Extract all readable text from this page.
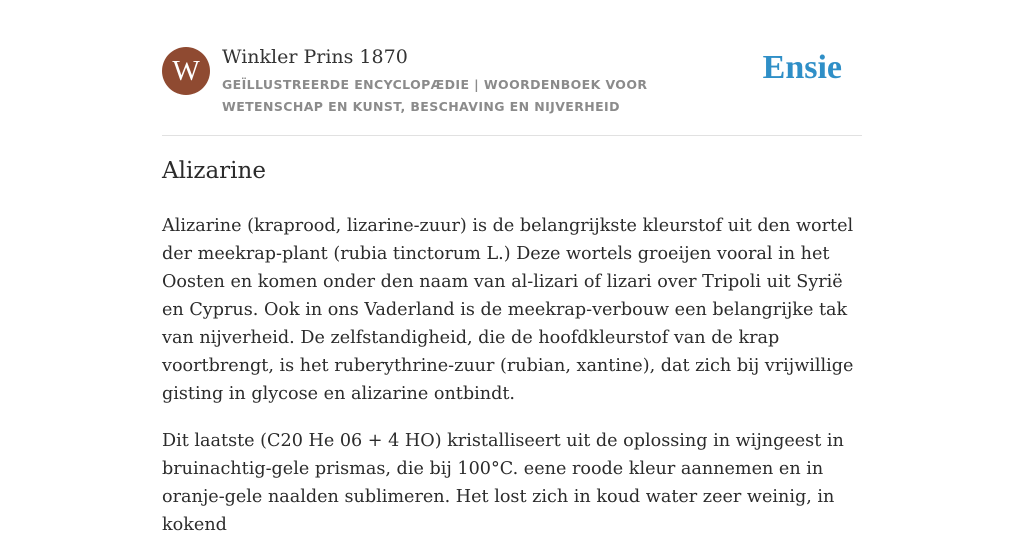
W	Winkler Prins 1870
GEÏLLUSTREERDE ENCYCLOPÆDIE | WOORDENBOEK VOOR WETENSCHAP EN KUNST, BESCHAVING EN NIJVERHEID
Ensie
Alizarine

Alizarine (kraprood, lizarine-zuur) is de belangrijkste kleurstof uit den wortel der meekrap-plant (rubia tinctorum L.) Deze wortels groeijen vooral in het Oosten en komen onder den naam van al-lizari of lizari over Tripoli uit Syrië en Cyprus. Ook in ons Vaderland is de meekrap-verbouw een belangrijke tak van nijverheid. De zelfstandigheid, die de hoofdkleurstof van de krap voortbrengt, is het ruberythrine-zuur (rubian, xantine), dat zich bij vrijwillige gisting in glycose en alizarine ontbindt.

Dit laatste (C20 He 06 + 4 HO) kristalliseert uit de oplossing in wijngeest in bruinachtig-gele prismas, die bij 100°C. eene roode kleur aannemen en in oranje-gele naalden sublimeren. Het lost zich in koud water zeer weinig, in kokend
